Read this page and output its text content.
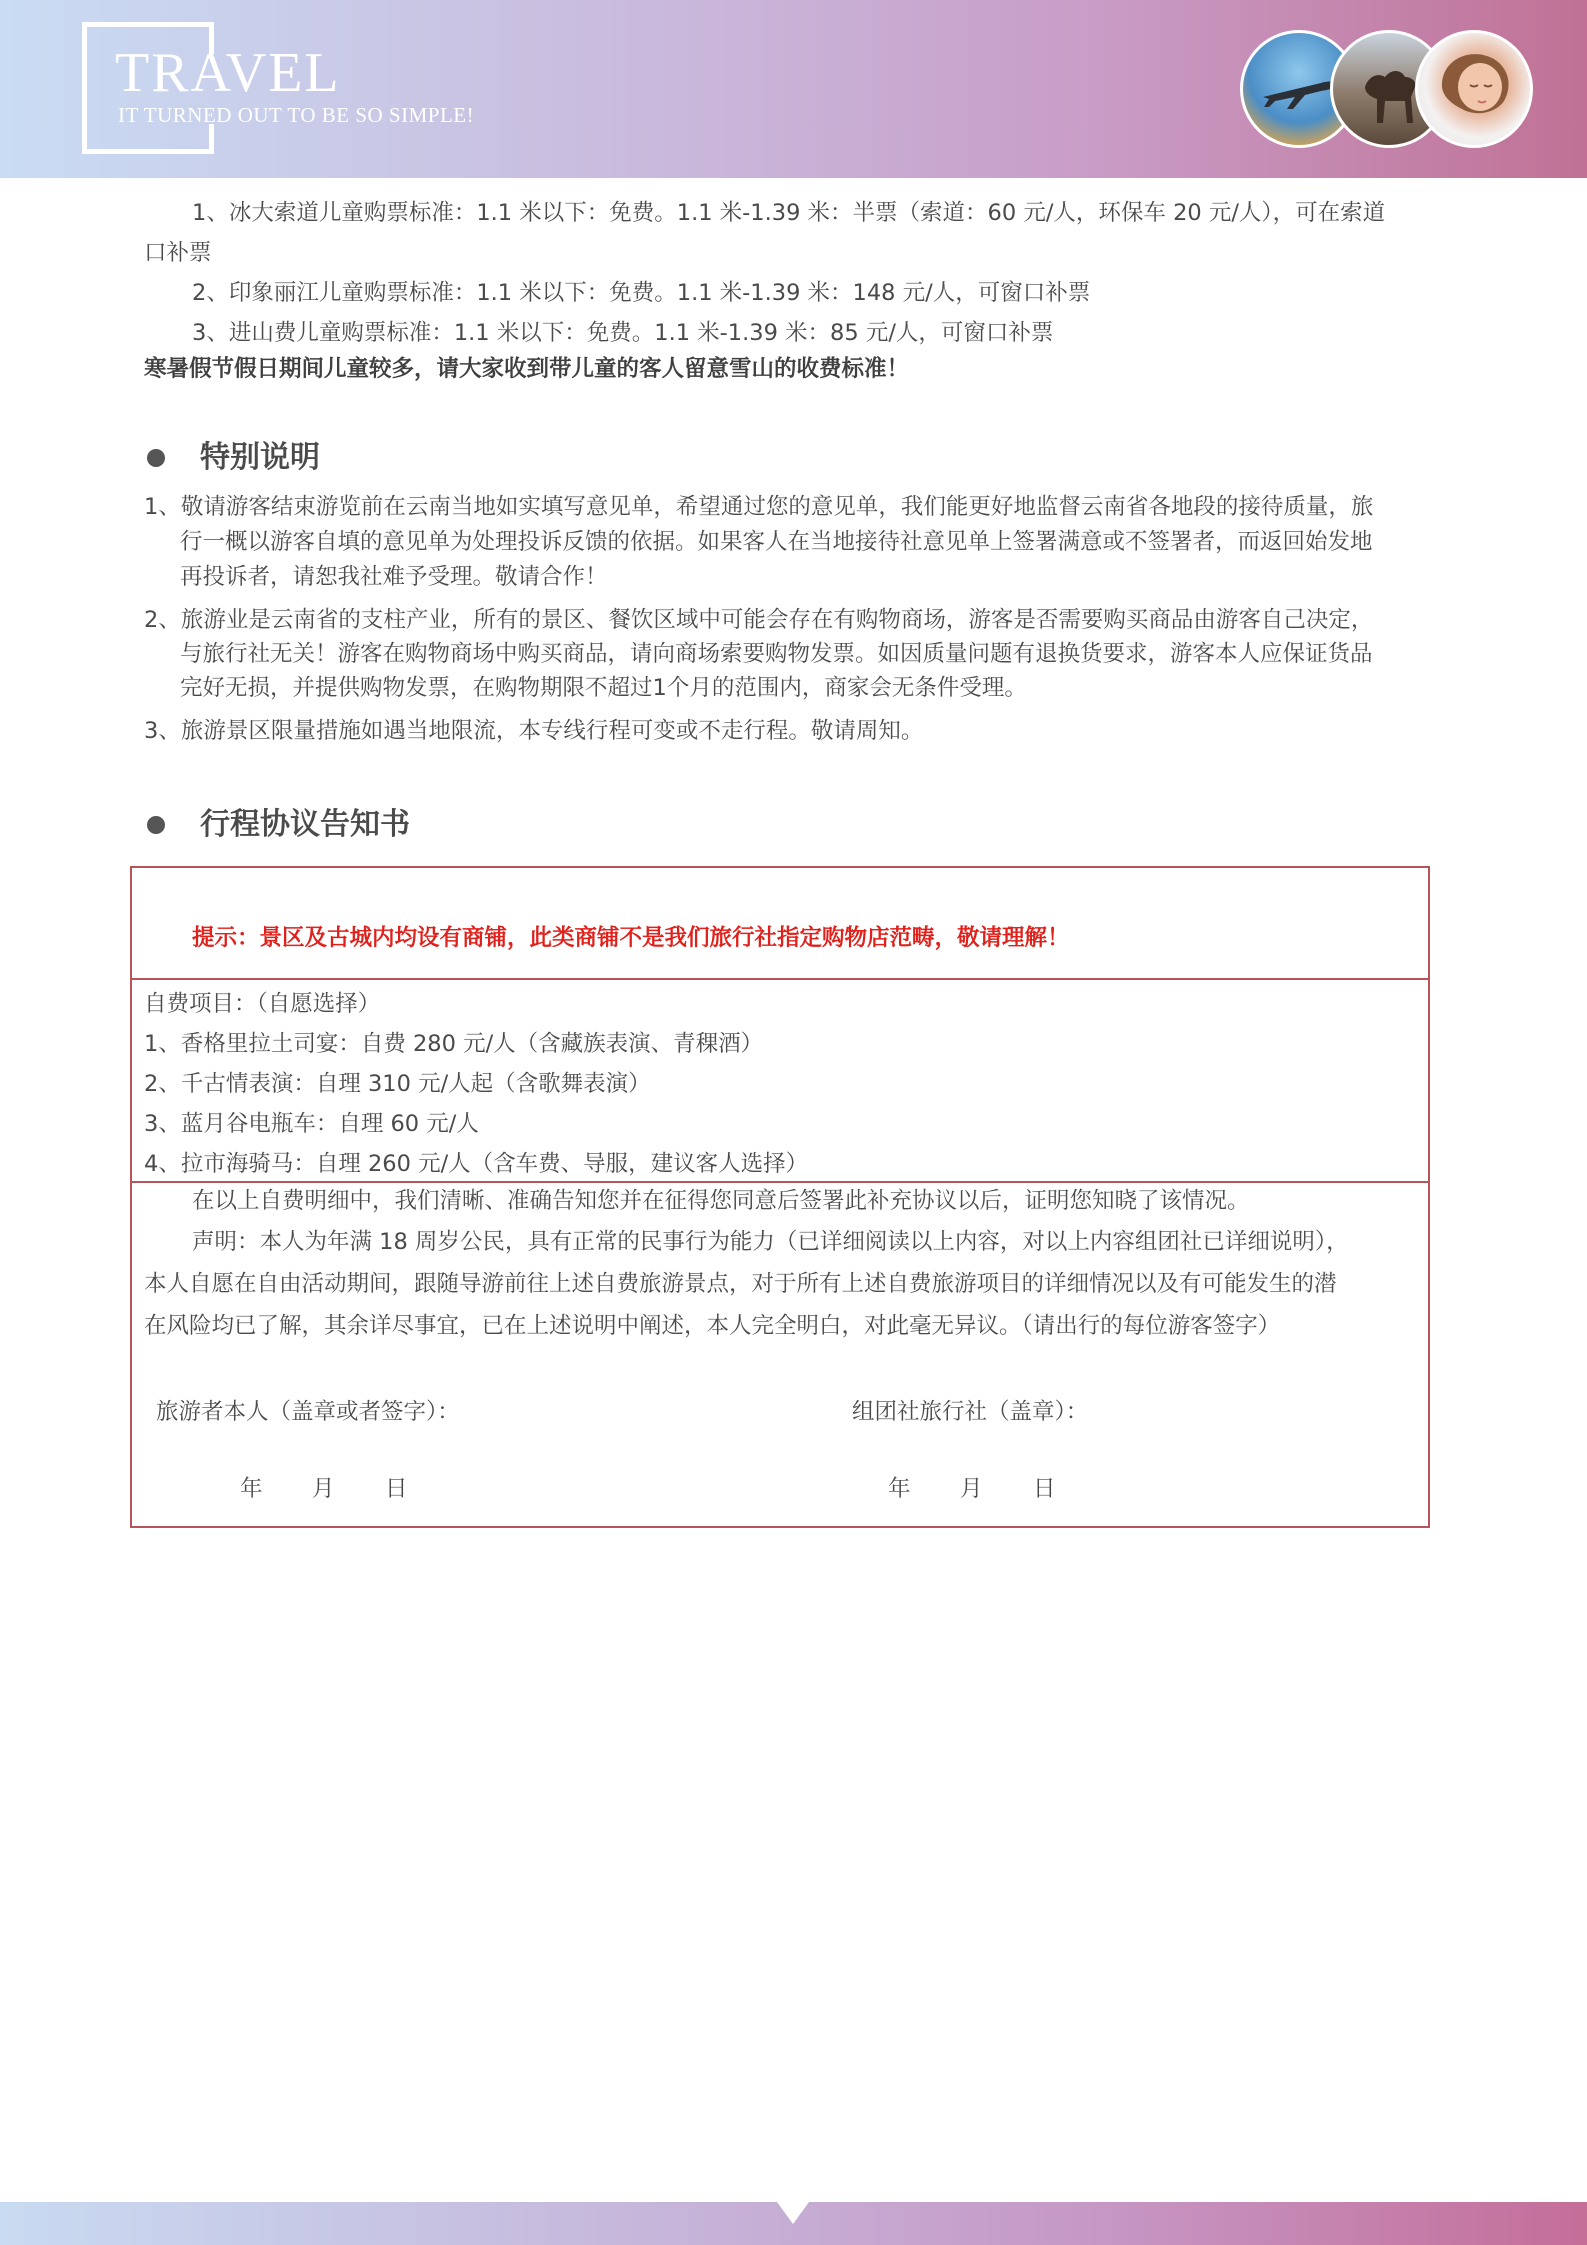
TRAVEL
IT TURNED OUT TO BE SO SIMPLE!
1、冰大索道儿童购票标准：1.1 米以下：免费。1.1 米-1.39 米：半票（索道：60 元/人，环保车 20 元/人），可在索道
口补票
2、印象丽江儿童购票标准：1.1 米以下：免费。1.1 米-1.39 米：148 元/人，可窗口补票
3、进山费儿童购票标准：1.1 米以下：免费。1.1 米-1.39 米：85 元/人，可窗口补票
寒暑假节假日期间儿童较多，请大家收到带儿童的客人留意雪山的收费标准！
特别说明
1、敬请游客结束游览前在云南当地如实填写意见单，希望通过您的意见单，我们能更好地监督云南省各地段的接待质量，旅
行一概以游客自填的意见单为处理投诉反馈的依据。如果客人在当地接待社意见单上签署满意或不签署者，而返回始发地
再投诉者，请恕我社难予受理。敬请合作！
2、旅游业是云南省的支柱产业，所有的景区、餐饮区域中可能会存在有购物商场，游客是否需要购买商品由游客自己决定，
与旅行社无关！游客在购物商场中购买商品，请向商场索要购物发票。如因质量问题有退换货要求，游客本人应保证货品
完好无损，并提供购物发票，在购物期限不超过1个月的范围内，商家会无条件受理。
3、旅游景区限量措施如遇当地限流，本专线行程可变或不走行程。敬请周知。
行程协议告知书
提示：景区及古城内均设有商铺，此类商铺不是我们旅行社指定购物店范畴，敬请理解！
自费项目：（自愿选择）
1、香格里拉土司宴：自费 280 元/人（含藏族表演、青稞酒）
2、千古情表演：自理 310 元/人起（含歌舞表演）
3、蓝月谷电瓶车：自理 60 元/人
4、拉市海骑马：自理 260 元/人（含车费、导服，建议客人选择）
在以上自费明细中，我们清晰、准确告知您并在征得您同意后签署此补充协议以后，证明您知晓了该情况。
声明：本人为年满 18 周岁公民，具有正常的民事行为能力（已详细阅读以上内容，对以上内容组团社已详细说明），
本人自愿在自由活动期间，跟随导游前往上述自费旅游景点，对于所有上述自费旅游项目的详细情况以及有可能发生的潜
在风险均已了解，其余详尽事宜，已在上述说明中阐述，本人完全明白，对此毫无异议。（请出行的每位游客签字）
旅游者本人（盖章或者签字）：	组团社旅行社（盖章）：
年 月 日	年 月 日
